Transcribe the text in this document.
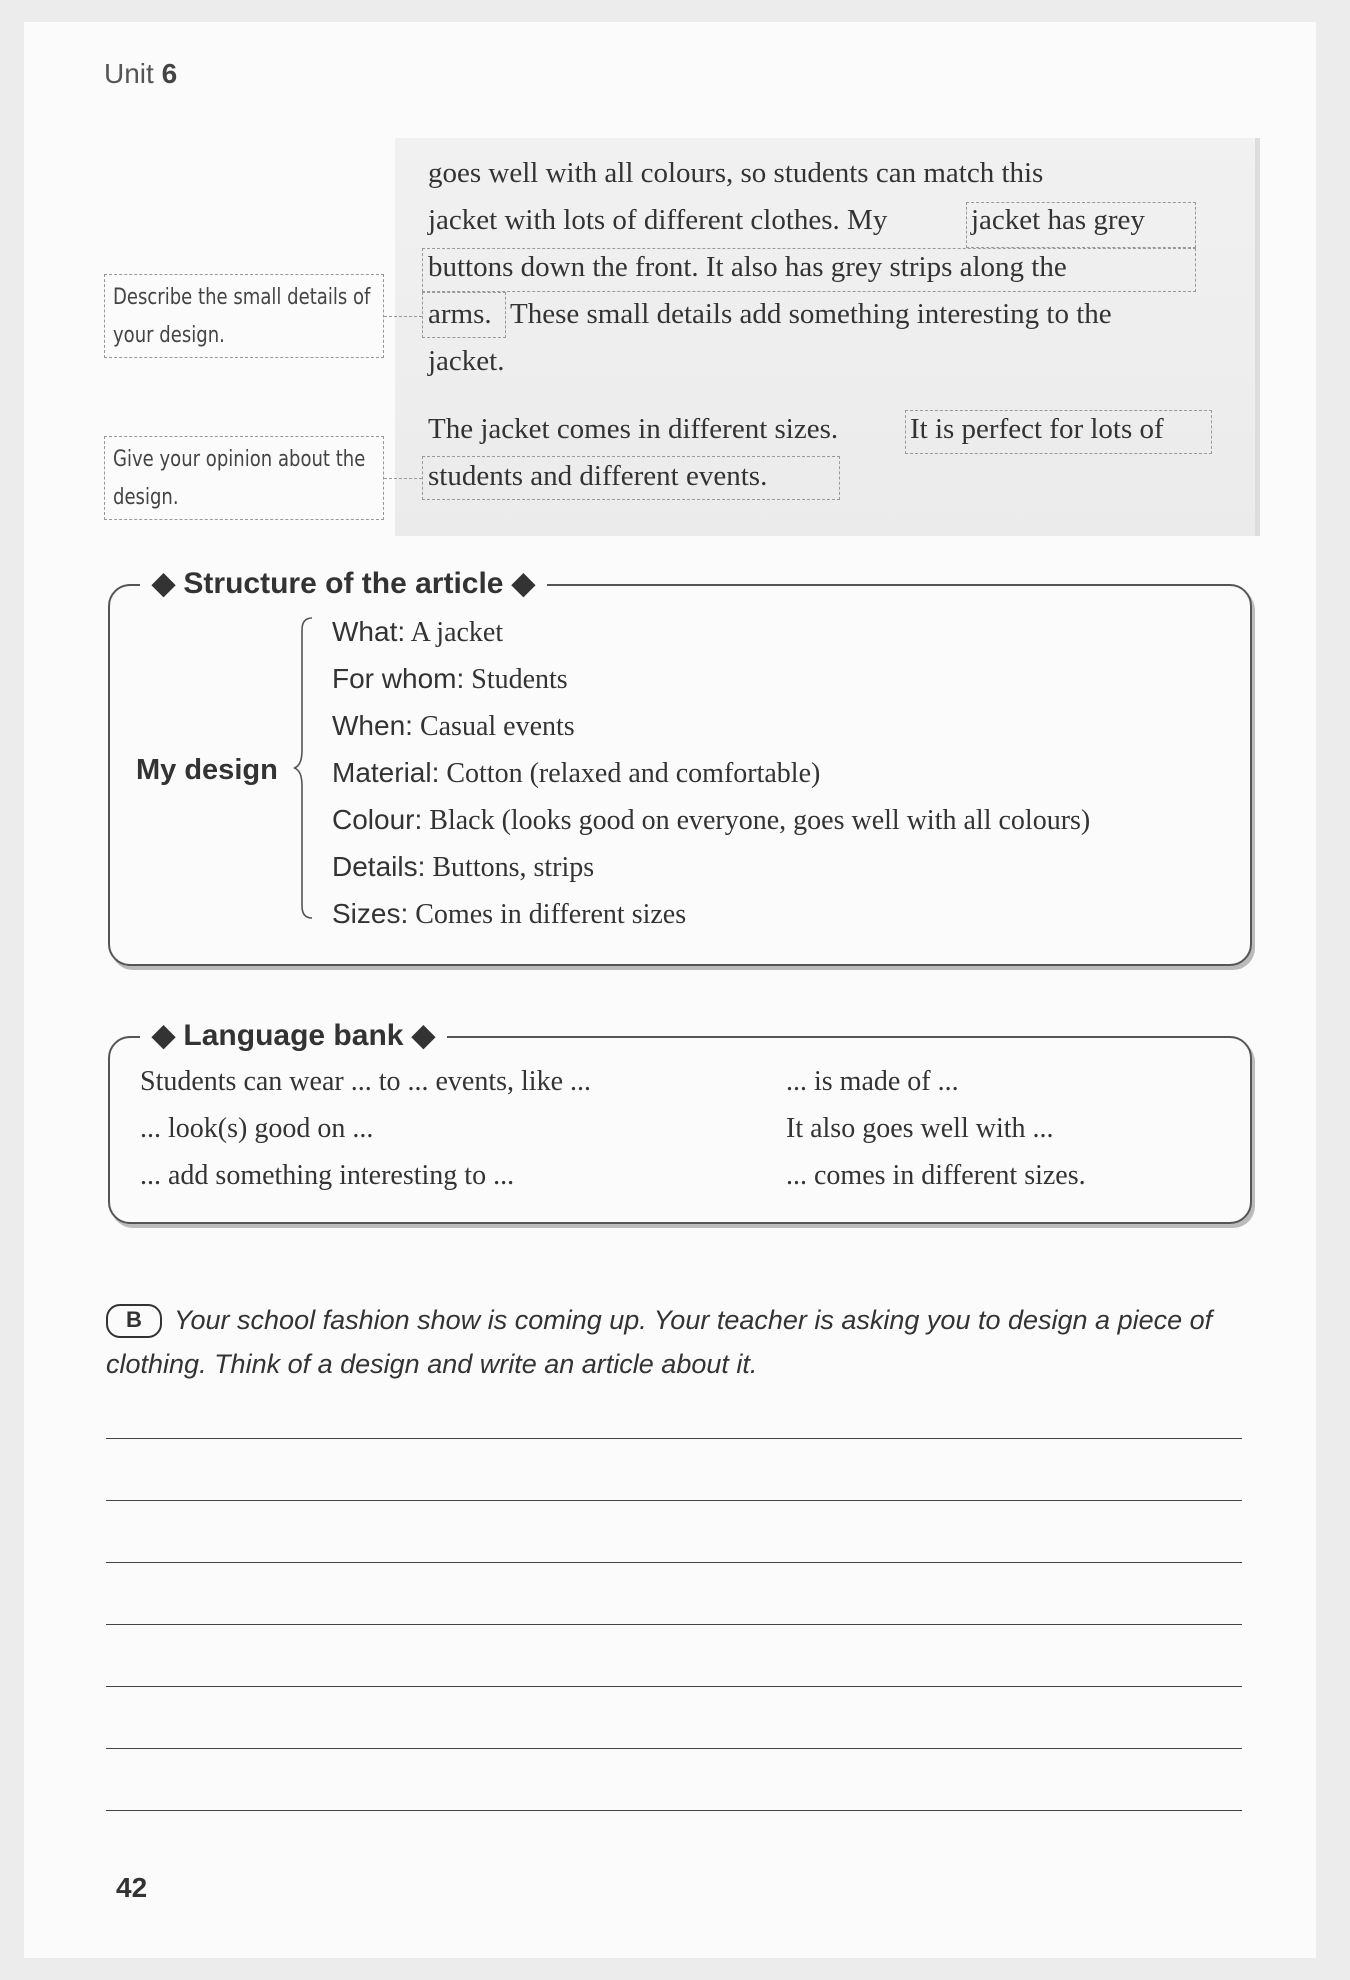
Unit 6
goes well with all colours, so students can match this
jacket with lots of different clothes. My	jacket has grey
buttons down the front. It also has grey strips along the
arms. These small details add something interesting to the
jacket.
The jacket comes in different sizes. It is perfect for lots of
students and different events.
Describe the small details of
your design.
Give your opinion about the
design.
◆ Structure of the article ◆
My design
What: A jacket
For whom: Students
When: Casual events
Material: Cotton (relaxed and comfortable)
Colour: Black (looks good on everyone, goes well with all colours)
Details: Buttons, strips
Sizes: Comes in different sizes
◆ Language bank ◆
Students can wear ... to ... events, like ...
... look(s) good on ...
... add something interesting to ...
... is made of ...
It also goes well with ...
... comes in different sizes.
B Your school fashion show is coming up. Your teacher is asking you to design a piece of clothing. Think of a design and write an article about it.
42
